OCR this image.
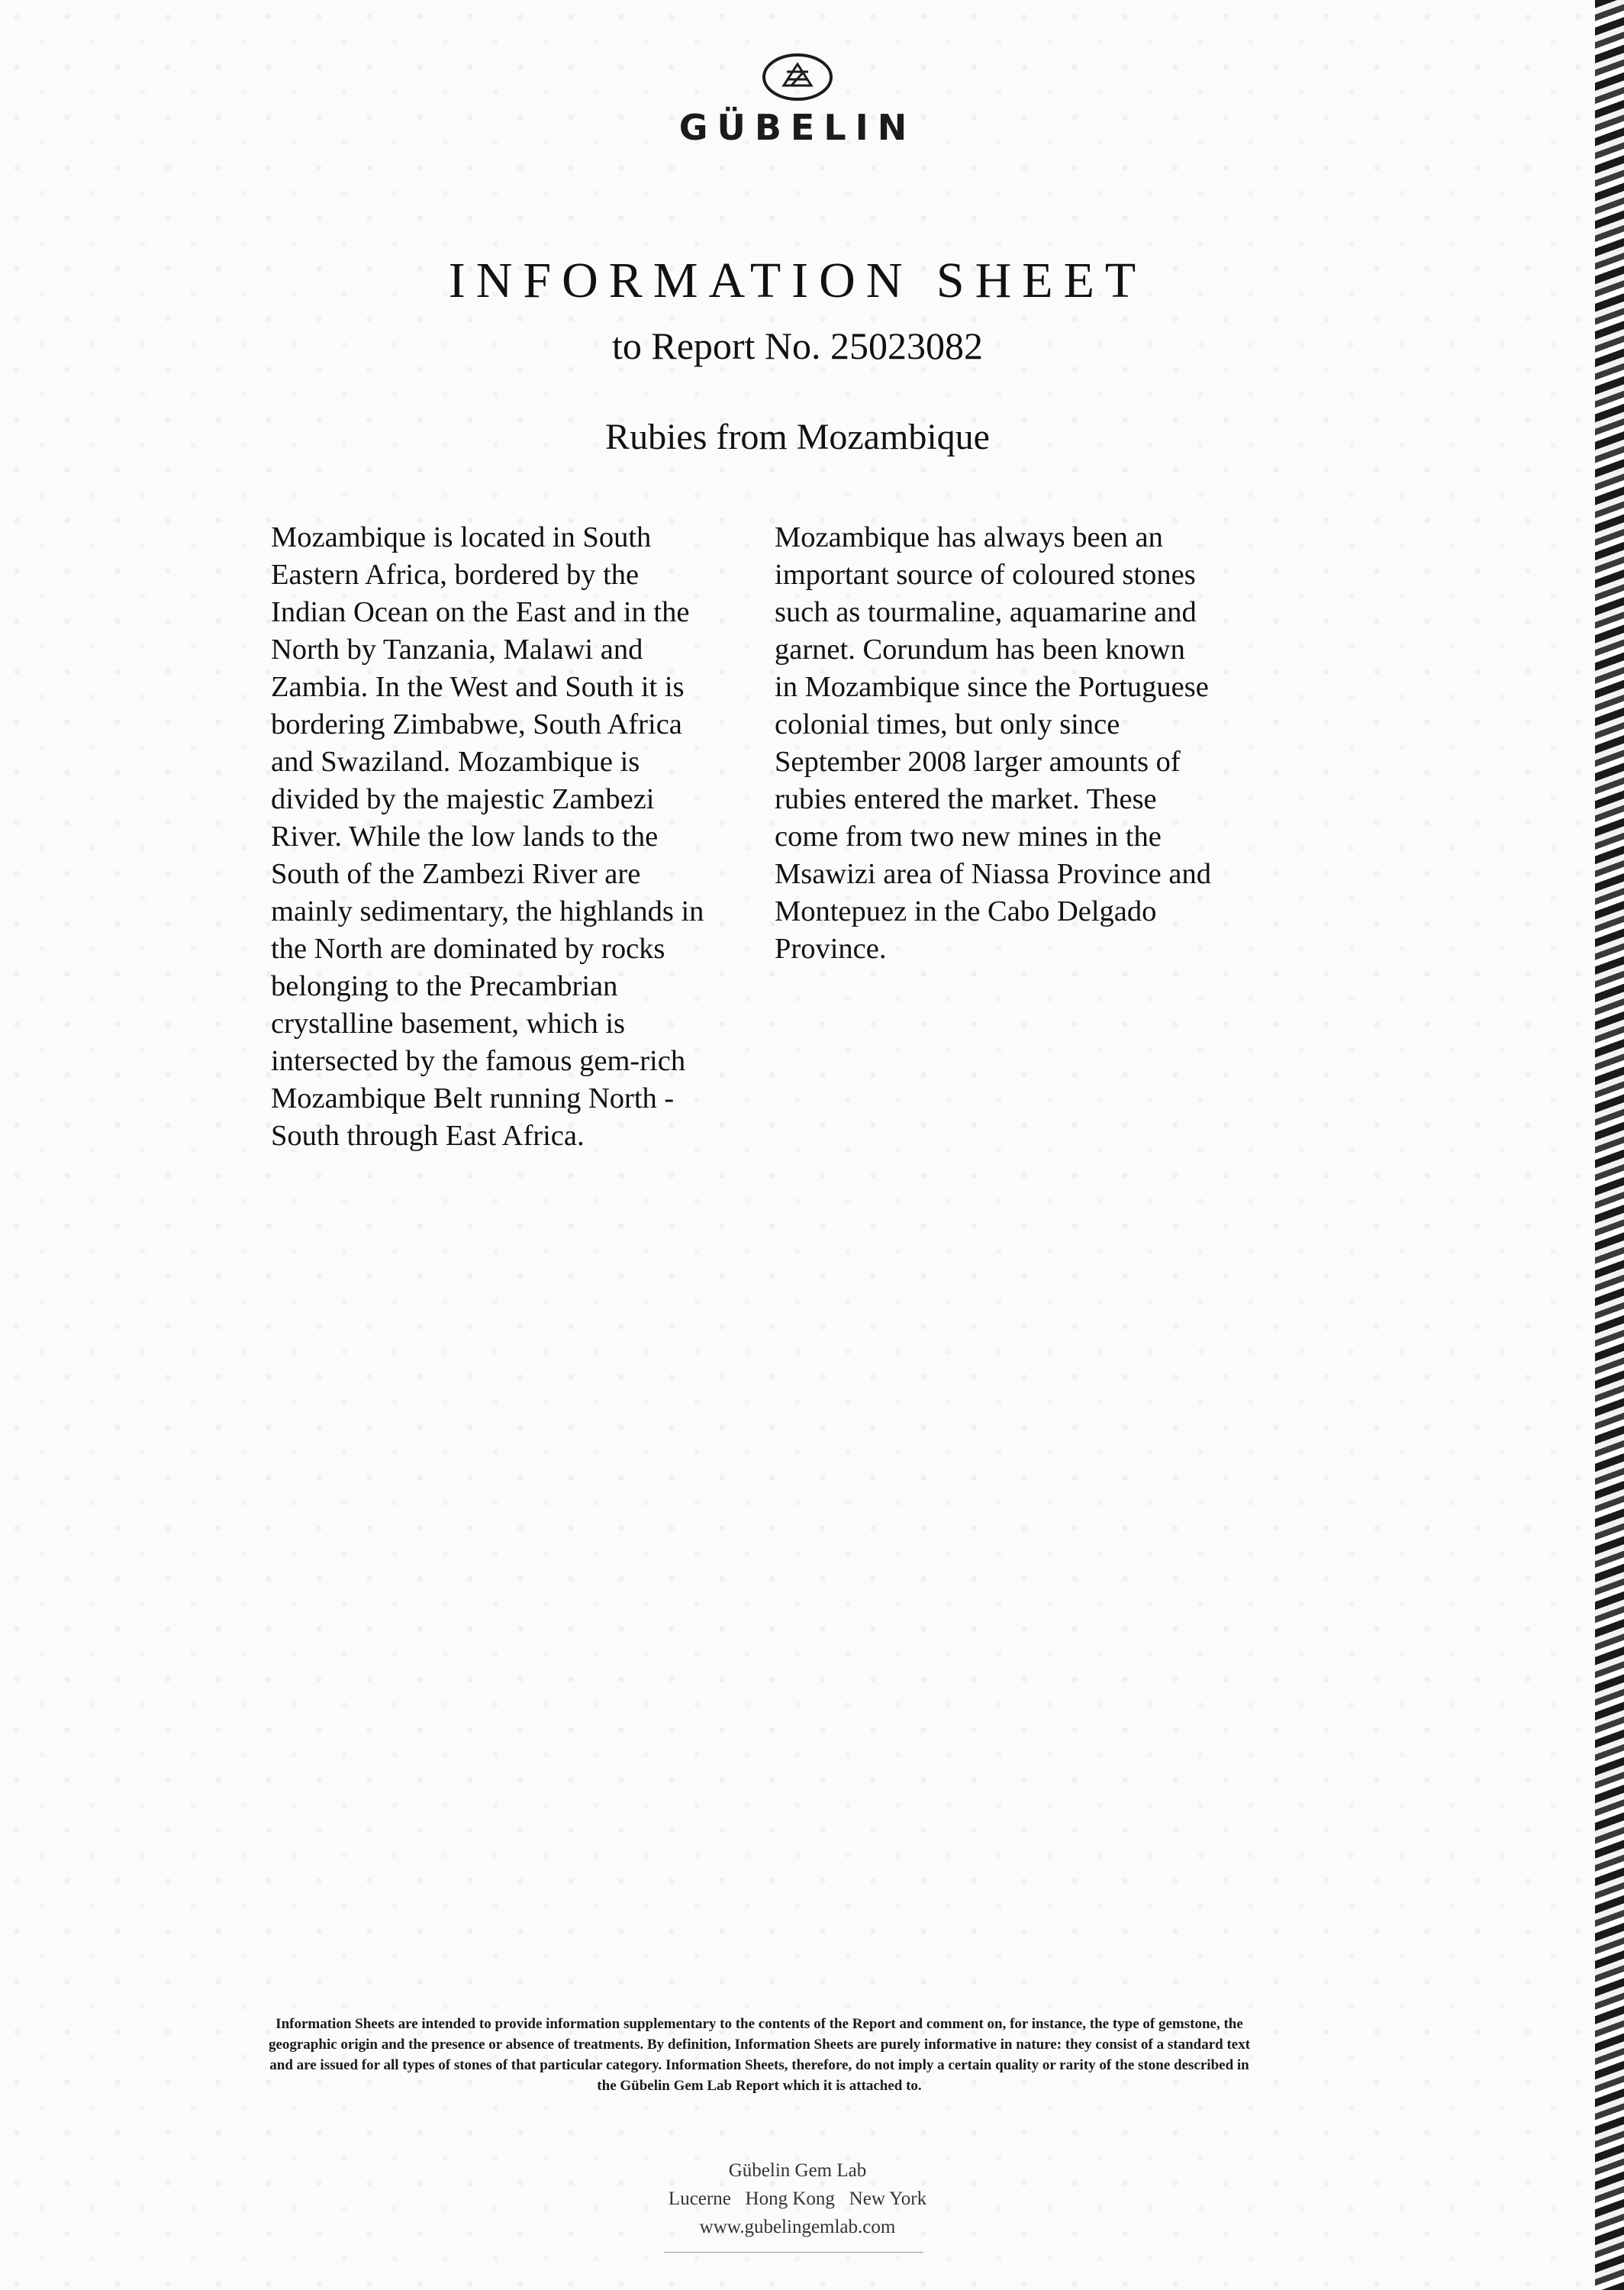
GÜBELIN
INFORMATION SHEET
to Report No. 25023082
Rubies from Mozambique
Mozambique is located in South
Eastern Africa, bordered by the
Indian Ocean on the East and in the
North by Tanzania, Malawi and
Zambia. In the West and South it is
bordering Zimbabwe, South Africa
and Swaziland. Mozambique is
divided by the majestic Zambezi
River. While the low lands to the
South of the Zambezi River are
mainly sedimentary, the highlands in
the North are dominated by rocks
belonging to the Precambrian
crystalline basement, which is
intersected by the famous gem-rich
Mozambique Belt running North -
South through East Africa.
Mozambique has always been an
important source of coloured stones
such as tourmaline, aquamarine and
garnet. Corundum has been known
in Mozambique since the Portuguese
colonial times, but only since
September 2008 larger amounts of
rubies entered the market. These
come from two new mines in the
Msawizi area of Niassa Province and
Montepuez in the Cabo Delgado
Province.
Information Sheets are intended to provide information supplementary to the contents of the Report and comment on, for instance, the type of gemstone, the geographic origin and the presence or absence of treatments. By definition, Information Sheets are purely informative in nature: they consist of a standard text and are issued for all types of stones of that particular category. Information Sheets, therefore, do not imply a certain quality or rarity of the stone described in the Gübelin Gem Lab Report which it is attached to.
Gübelin Gem Lab
Lucerne   Hong Kong   New York
www.gubelingemlab.com
